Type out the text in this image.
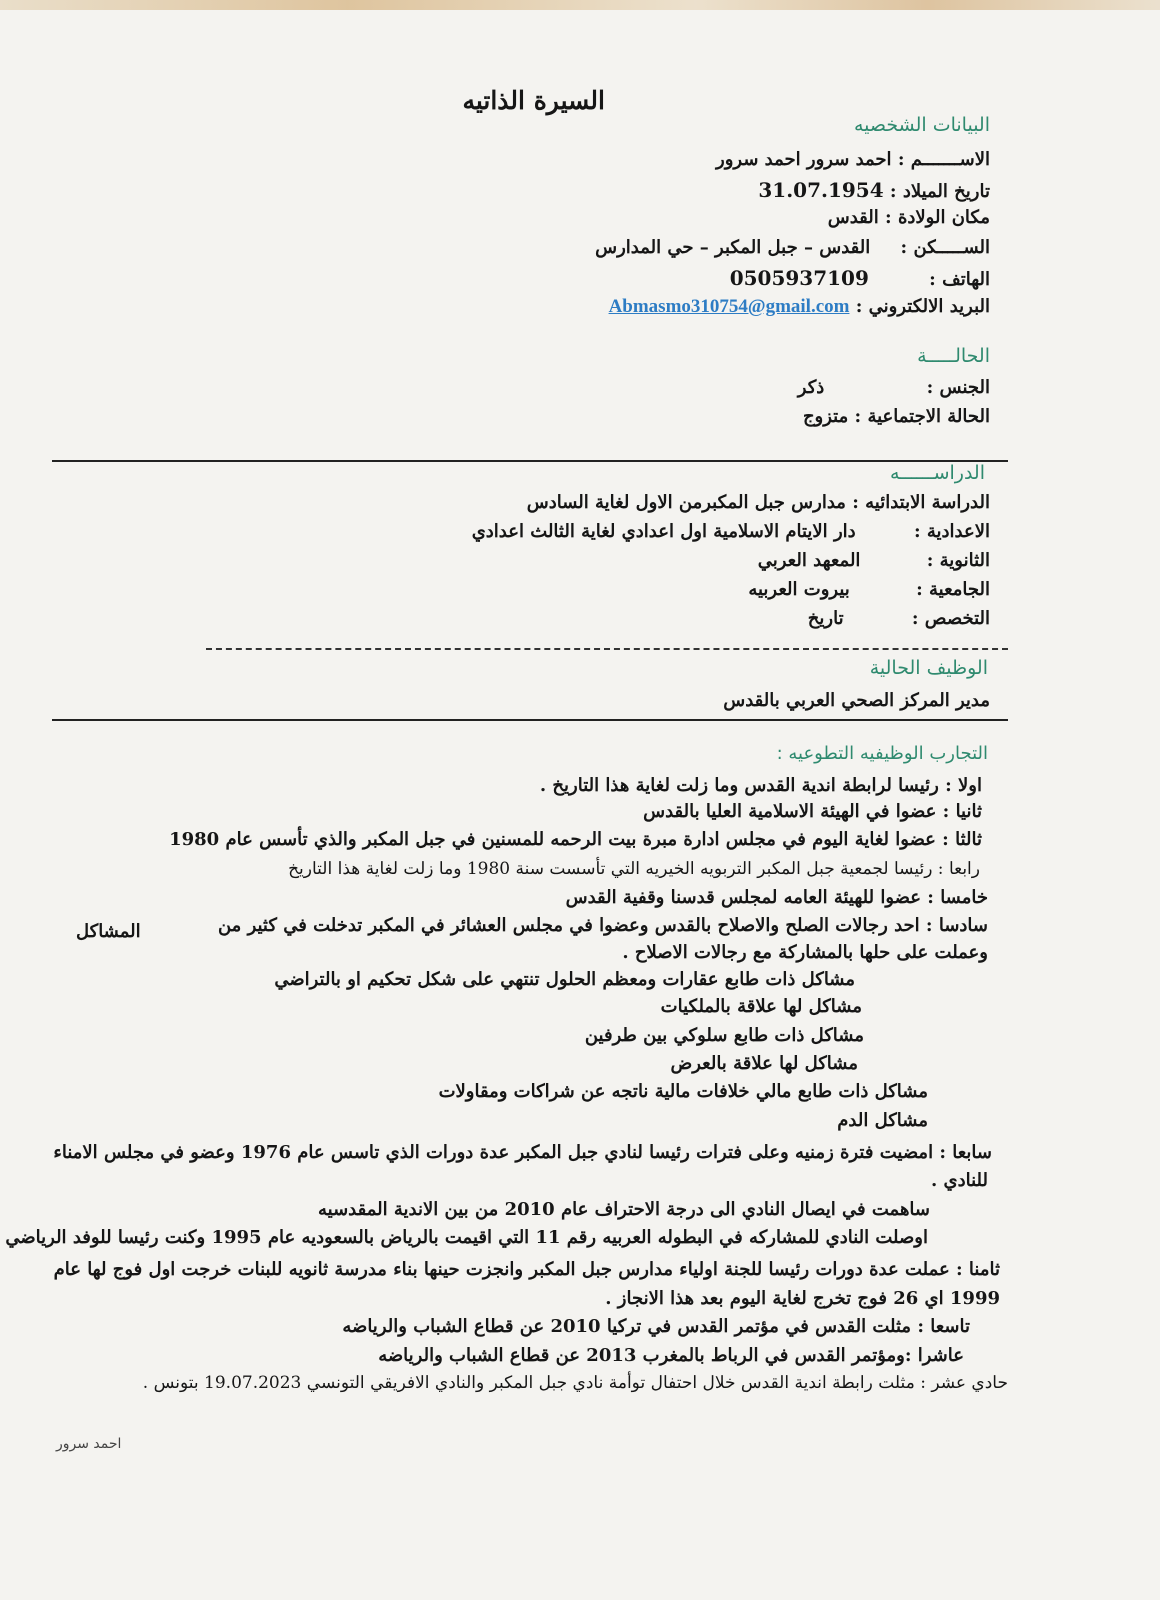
السيرة الذاتيه
البيانات الشخصيه
الاســـــــم : احمد سرور احمد سرور
تاريخ الميلاد : 31.07.1954
مكان الولادة : القدس
الســـــكن : القدس – جبل المكبر – حي المدارس
الهاتف : 0505937109
البريد الالكتروني : Abmasmo310754@gmail.com
الحالـــــة
الجنس : ذكر
الحالة الاجتماعية : متزوج
الدراســــــه
الدراسة الابتدائيه : مدارس جبل المكبرمن الاول لغاية السادس
الاعدادية : دار الايتام الاسلامية اول اعدادي لغاية الثالث اعدادي
الثانوية : المعهد العربي
الجامعية : بيروت العربيه
التخصص : تاريخ
الوظيف الحالية
مدير المركز الصحي العربي بالقدس
التجارب الوظيفيه التطوعيه :
اولا : رئيسا لرابطة اندية القدس وما زلت لغاية هذا التاريخ .
ثانيا : عضوا في الهيئة الاسلامية العليا بالقدس
ثالثا : عضوا لغاية اليوم في مجلس ادارة مبرة بيت الرحمه للمسنين في جبل المكبر والذي تأسس عام 1980
رابعا : رئيسا لجمعية جبل المكبر التربويه الخيريه التي تأسست سنة 1980 وما زلت لغاية هذا التاريخ
خامسا : عضوا للهيئة العامه لمجلس قدسنا وقفية القدس
سادسا : احد رجالات الصلح والاصلاح بالقدس وعضوا في مجلس العشائر في المكبر تدخلت في كثير من
المشاكل
وعملت على حلها بالمشاركة مع رجالات الاصلاح .
مشاكل ذات طابع عقارات ومعظم الحلول تنتهي على شكل تحكيم او بالتراضي
مشاكل لها علاقة بالملكيات
مشاكل ذات طابع سلوكي بين طرفين
مشاكل لها علاقة بالعرض
مشاكل ذات طابع مالي خلافات مالية ناتجه عن شراكات ومقاولات
مشاكل الدم
سابعا : امضيت فترة زمنيه وعلى فترات رئيسا لنادي جبل المكبر عدة دورات الذي تاسس عام 1976 وعضو في مجلس الامناء
للنادي .
ساهمت في ايصال النادي الى درجة الاحتراف عام 2010 من بين الاندية المقدسيه
اوصلت النادي للمشاركه في البطوله العربيه رقم 11 التي اقيمت بالرياض بالسعوديه عام 1995 وكنت رئيسا للوفد الرياضي
ثامنا : عملت عدة دورات رئيسا للجنة اولياء مدارس جبل المكبر وانجزت حينها بناء مدرسة ثانويه للبنات خرجت اول فوج لها عام
1999 اي 26 فوج تخرج لغاية اليوم بعد هذا الانجاز .
تاسعا : مثلت القدس في مؤتمر القدس في تركيا 2010 عن قطاع الشباب والرياضه
عاشرا :ومؤتمر القدس في الرباط بالمغرب 2013 عن قطاع الشباب والرياضه
حادي عشر : مثلت رابطة اندية القدس خلال احتفال توأمة نادي جبل المكبر والنادي الافريقي التونسي 19.07.2023 بتونس .
احمد سرور
